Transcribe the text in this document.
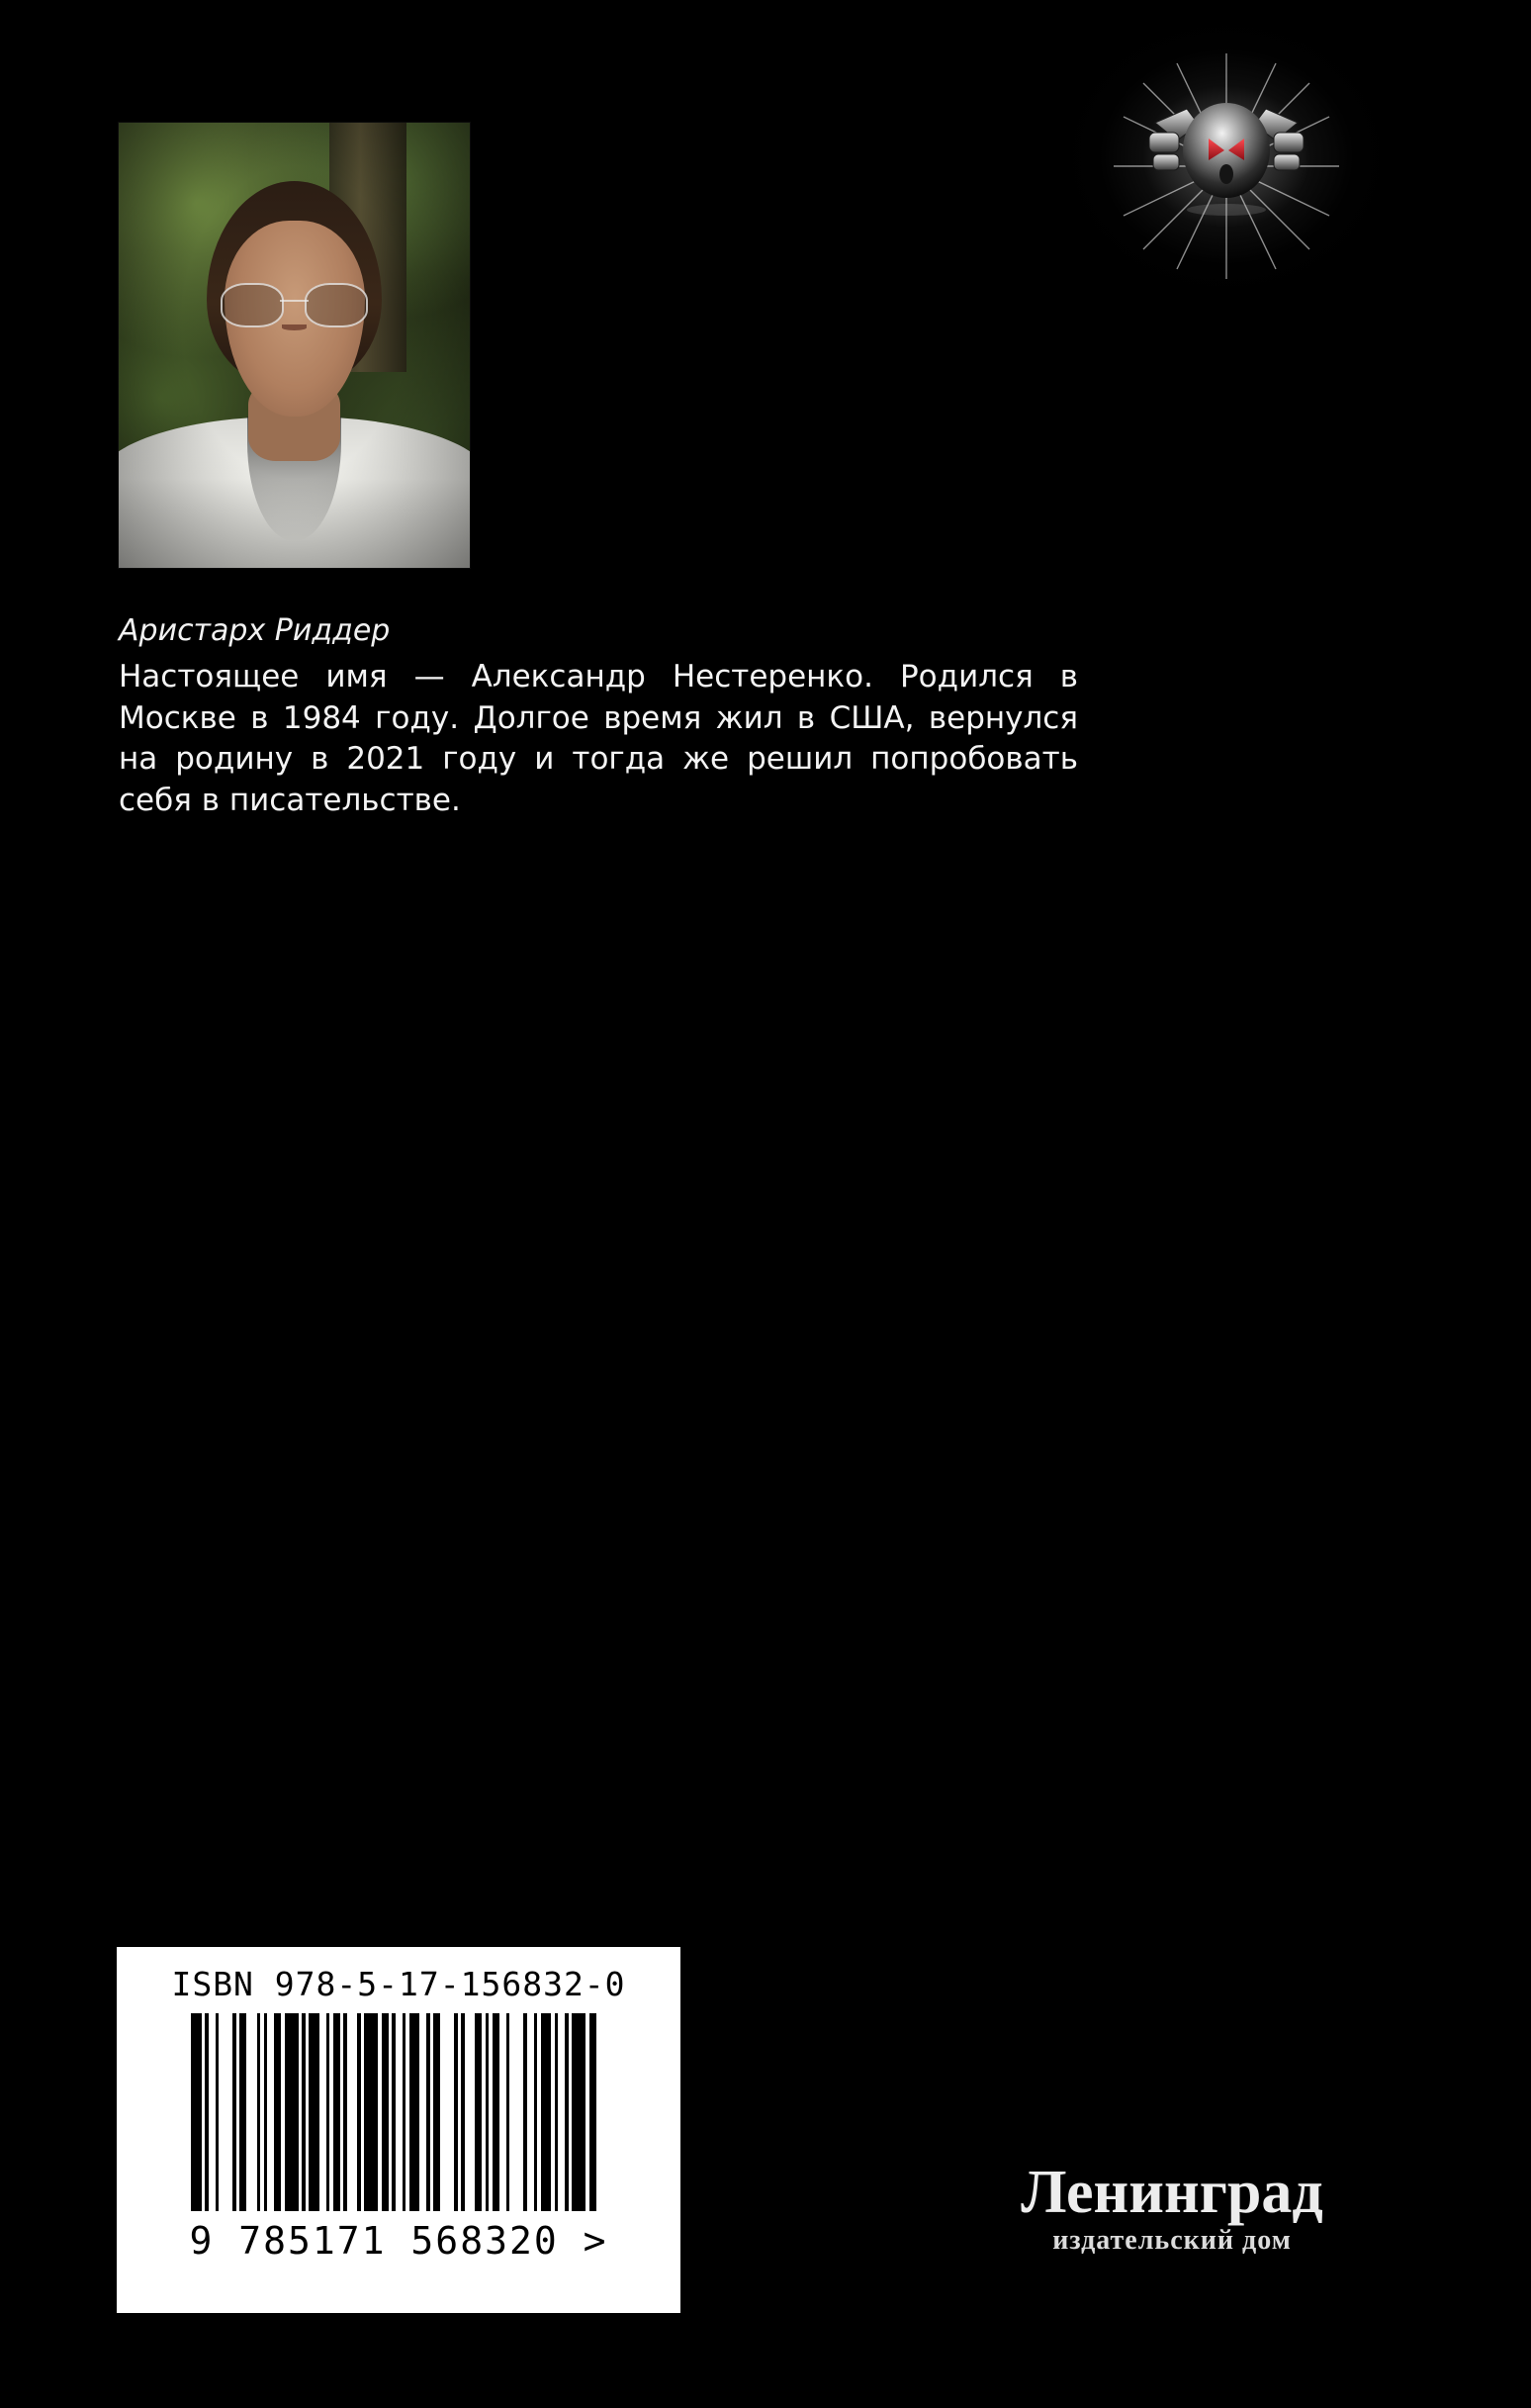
Аристарх Риддер
Настоящее имя — Александр Нестеренко. Родился в Москве в 1984 году. Долгое время жил в США, вернулся на родину в 2021 году и тогда же решил попробовать себя в писательстве.
ISBN 978-5-17-156832-0
9 785171 568320 >
Ленинград
издательский дом
